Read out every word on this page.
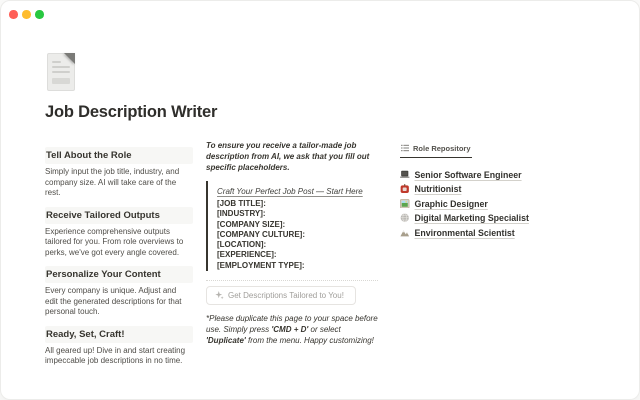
Job Description Writer
Tell About the Role
Simply input the job title, industry, and company size. AI will take care of the rest.
Receive Tailored Outputs
Experience comprehensive outputs tailored for you. From role overviews to perks, we've got every angle covered.
Personalize Your Content
Every company is unique. Adjust and edit the generated descriptions for that personal touch.
Ready, Set, Craft!
All geared up! Dive in and start creating impeccable job descriptions in no time.

To ensure you receive a tailor-made job description from AI, we ask that you fill out specific placeholders.

Craft Your Perfect Job Post — Start Here
[JOB TITLE]:
[INDUSTRY]:
[COMPANY SIZE]:
[COMPANY CULTURE]:
[LOCATION]:
[EXPERIENCE]:
[EMPLOYMENT TYPE]:
Get Descriptions Tailored to You!

*Please duplicate this page to your space before use. Simply press 'CMD + D' or select 'Duplicate' from the menu. Happy customizing!

Role Repository
Senior Software Engineer
Nutritionist
Graphic Designer
Digital Marketing Specialist
Environmental Scientist
